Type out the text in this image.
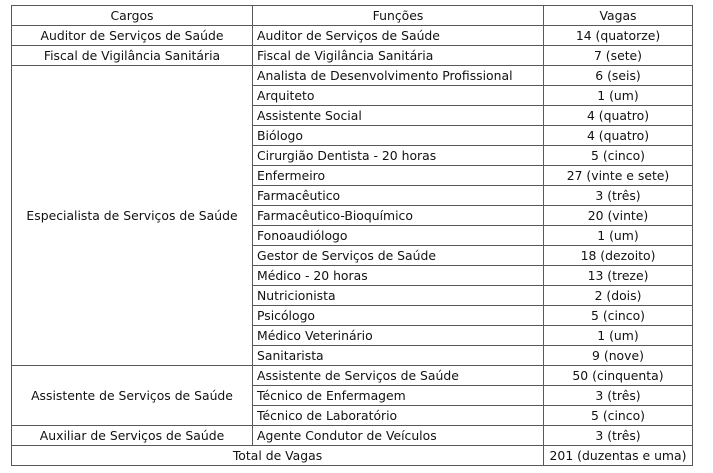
Cargos	Funções	Vagas
Auditor de Serviços de Saúde	Auditor de Serviços de Saúde	14 (quatorze)
Fiscal de Vigilância Sanitária	Fiscal de Vigilância Sanitária	7 (sete)
Especialista de Serviços de Saúde	Analista de Desenvolvimento Profissional	6 (seis)
	Arquiteto	1 (um)
	Assistente Social	4 (quatro)
	Biólogo	4 (quatro)
	Cirurgião Dentista - 20 horas	5 (cinco)
	Enfermeiro	27 (vinte e sete)
	Farmacêutico	3 (três)
	Farmacêutico-Bioquímico	20 (vinte)
	Fonoaudiólogo	1 (um)
	Gestor de Serviços de Saúde	18 (dezoito)
	Médico - 20 horas	13 (treze)
	Nutricionista	2 (dois)
	Psicólogo	5 (cinco)
	Médico Veterinário	1 (um)
	Sanitarista	9 (nove)
Assistente de Serviços de Saúde	Assistente de Serviços de Saúde	50 (cinquenta)
	Técnico de Enfermagem	3 (três)
	Técnico de Laboratório	5 (cinco)
Auxiliar de Serviços de Saúde	Agente Condutor de Veículos	3 (três)
Total de Vagas		201 (duzentas e uma)
